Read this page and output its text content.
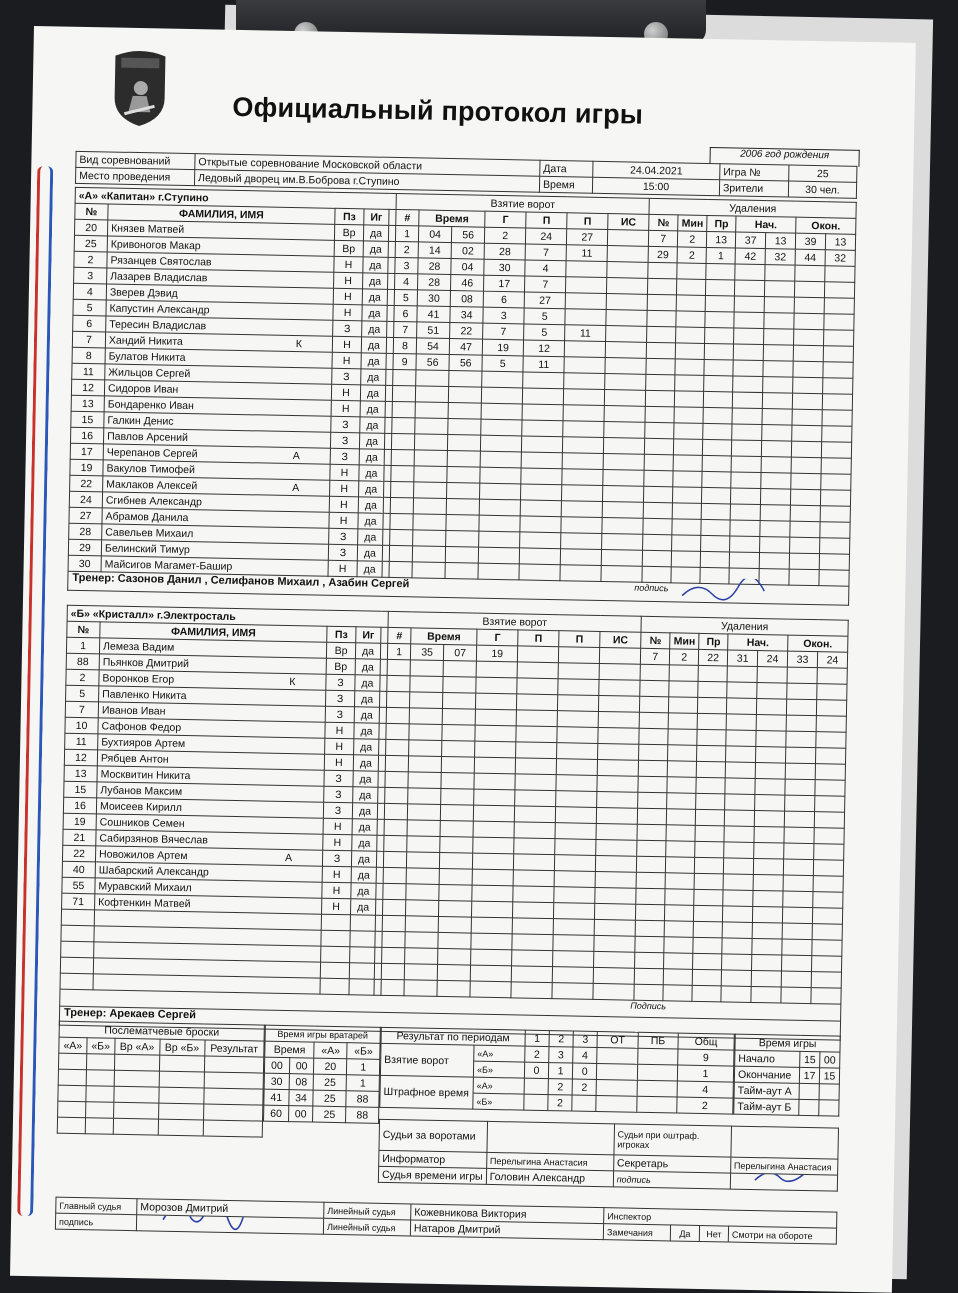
Официальный протокол игры
2006 год рождения
Вид соревнований	Открытые соревнование Московской области	Дата	24.04.2021	Игра №	25
Место проведения	Ледовый дворец им.В.Боброва г.Ступино	Время	15:00	Зрители	30 чел.
«А» «Капитан» г.Ступино					Взятие ворот							Удаления						
№	ФАМИЛИЯ, ИМЯ	Пз	Иг		#	Время		Г	П	П	ИС	№	Мин	Пр	Нач.		Окон.	
20	Князев Матвей	Вр	да		1	04	56	2	24	27		7	2	13	37	13	39	13
25	Кривоногов Макар	Вр	да		2	14	02	28	7	11		29	2	1	42	32	44	32
2	Рязанцев Святослав	Н	да		3	28	04	30	4									
3	Лазарев Владислав	Н	да		4	28	46	17	7									
4	Зверев Дэвид	Н	да		5	30	08	6	27									
5	Капустин Александр	Н	да		6	41	34	3	5									
6	Тересин Владислав	З	да		7	51	22	7	5	11								
7	Хандий Никита К	Н	да		8	54	47	19	12									
8	Булатов Никита	Н	да		9	56	56	5	11									
11	Жильцов Сергей	З	да															
12	Сидоров Иван	Н	да															
13	Бондаренко Иван	Н	да															
15	Галкин Денис	З	да															
16	Павлов Арсений	З	да															
17	Черепанов Сергей А	З	да															
19	Вакулов Тимофей	Н	да															
22	Маклаков Алексей А	Н	да															
24	Сгибнев Александр	Н	да															
27	Абрамов Данила	Н	да															
28	Савельев Михаил	З	да															
29	Белинский Тимур	З	да															
30	Майсигов Магамет-Башир	Н	да															
Тренер: Сазонов Данил , Селифанов Михаил , Азабин Сергей	подпись
«Б» «Кристалл» г.Электросталь					Взятие ворот							Удаления						
№	ФАМИЛИЯ, ИМЯ	Пз	Иг		#	Время		Г	П	П	ИС	№	Мин	Пр	Нач.		Окон.	
1	Лемеза Вадим	Вр	да		1	35	07	19				7	2	22	31	24	33	24
88	Пьянков Дмитрий	Вр	да															
2	Воронков Егор К	З	да															
5	Павленко Никита	З	да															
7	Иванов Иван	З	да															
10	Сафонов Федор	Н	да															
11	Бухтияров Артем	Н	да															
12	Рябцев Антон	Н	да															
13	Москвитин Никита	З	да															
15	Лубанов Максим	З	да															
16	Моисеев Кирилл	З	да															
19	Сошников Семен	Н	да															
21	Сабирзянов Вячеслав	Н	да															
22	Новожилов Артем А	З	да															
40	Шабарский Александр	Н	да															
55	Муравский Михаил	Н	да															
71	Кофтенкин Матвей	Н	да															

Подпись
Тренер: Арекаев Сергей
Послематчевые броски				
«А»	«Б»	Вр «А»	Вр «Б»	Результат

Время игры вратарей			
Время		«А»	«Б»
00	00	20	1
30	08	25	1
41	34	25	88
60	00	25	88
Результат по периодам		1	2	3	ОТ	ПБ	Общ
Взятие ворот	«А»	2	3	4			9
	«Б»	0	1	0			1
Штрафное время	«А»		2	2			4
	«Б»		2				2
Время игры		
Начало	15	00
Окончание	17	15
Тайм-аут А		
Тайм-аут Б		
Судьи за воротами		Судьи при оштраф. игроках	
Информатор	Перелыгина Анастасия	Секретарь	Перелыгина Анастасия
Судья времени игры	Головин Александр	подпись	
Главный судья	Морозов Дмитрий	Линейный судья	Кожевникова Виктория	Инспектор			
подпись		Линейный судья	Натаров Дмитрий	Замечания	Да	Нет	Смотри на обороте
